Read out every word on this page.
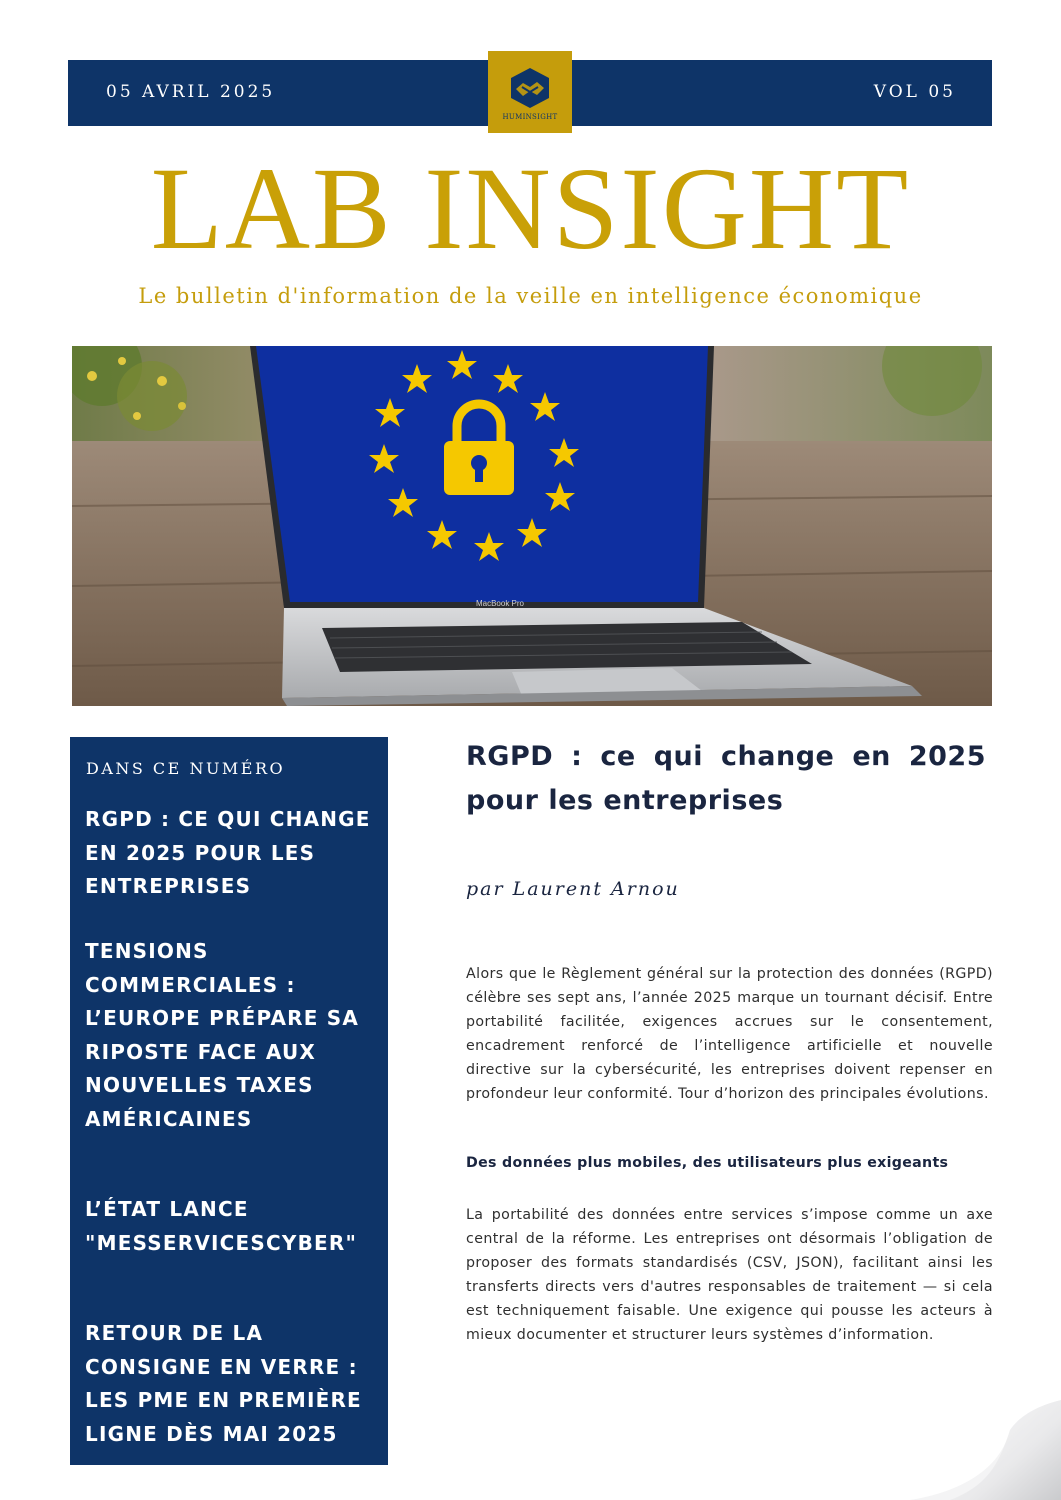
05 AVRIL 2025	VOL 05
HUMINSIGHT
LAB INSIGHT
Le bulletin d'information de la veille en intelligence économique
MacBook Pro
DANS CE NUMÉRO
RGPD : CE QUI CHANGE EN 2025 POUR LES ENTREPRISES
TENSIONS COMMERCIALES : L’EUROPE PRÉPARE SA RIPOSTE FACE AUX NOUVELLES TAXES AMÉRICAINES
L’ÉTAT LANCE "MESSERVICESCYBER"
RETOUR DE LA CONSIGNE EN VERRE : LES PME EN PREMIÈRE LIGNE DÈS MAI 2025
RGPD : ce qui change en 2025 pour les entreprises
par Laurent Arnou

Alors que le Règlement général sur la protection des données (RGPD) célèbre ses sept ans, l’année 2025 marque un tournant décisif. Entre portabilité facilitée, exigences accrues sur le consentement, encadrement renforcé de l’intelligence artificielle et nouvelle directive sur la cybersécurité, les entreprises doivent repenser en profondeur leur conformité. Tour d’horizon des principales évolutions.

Des données plus mobiles, des utilisateurs plus exigeants

La portabilité des données entre services s’impose comme un axe central de la réforme. Les entreprises ont désormais l’obligation de proposer des formats standardisés (CSV, JSON), facilitant ainsi les transferts directs vers d'autres responsables de traitement — si cela est techniquement faisable. Une exigence qui pousse les acteurs à mieux documenter et structurer leurs systèmes d’information.
